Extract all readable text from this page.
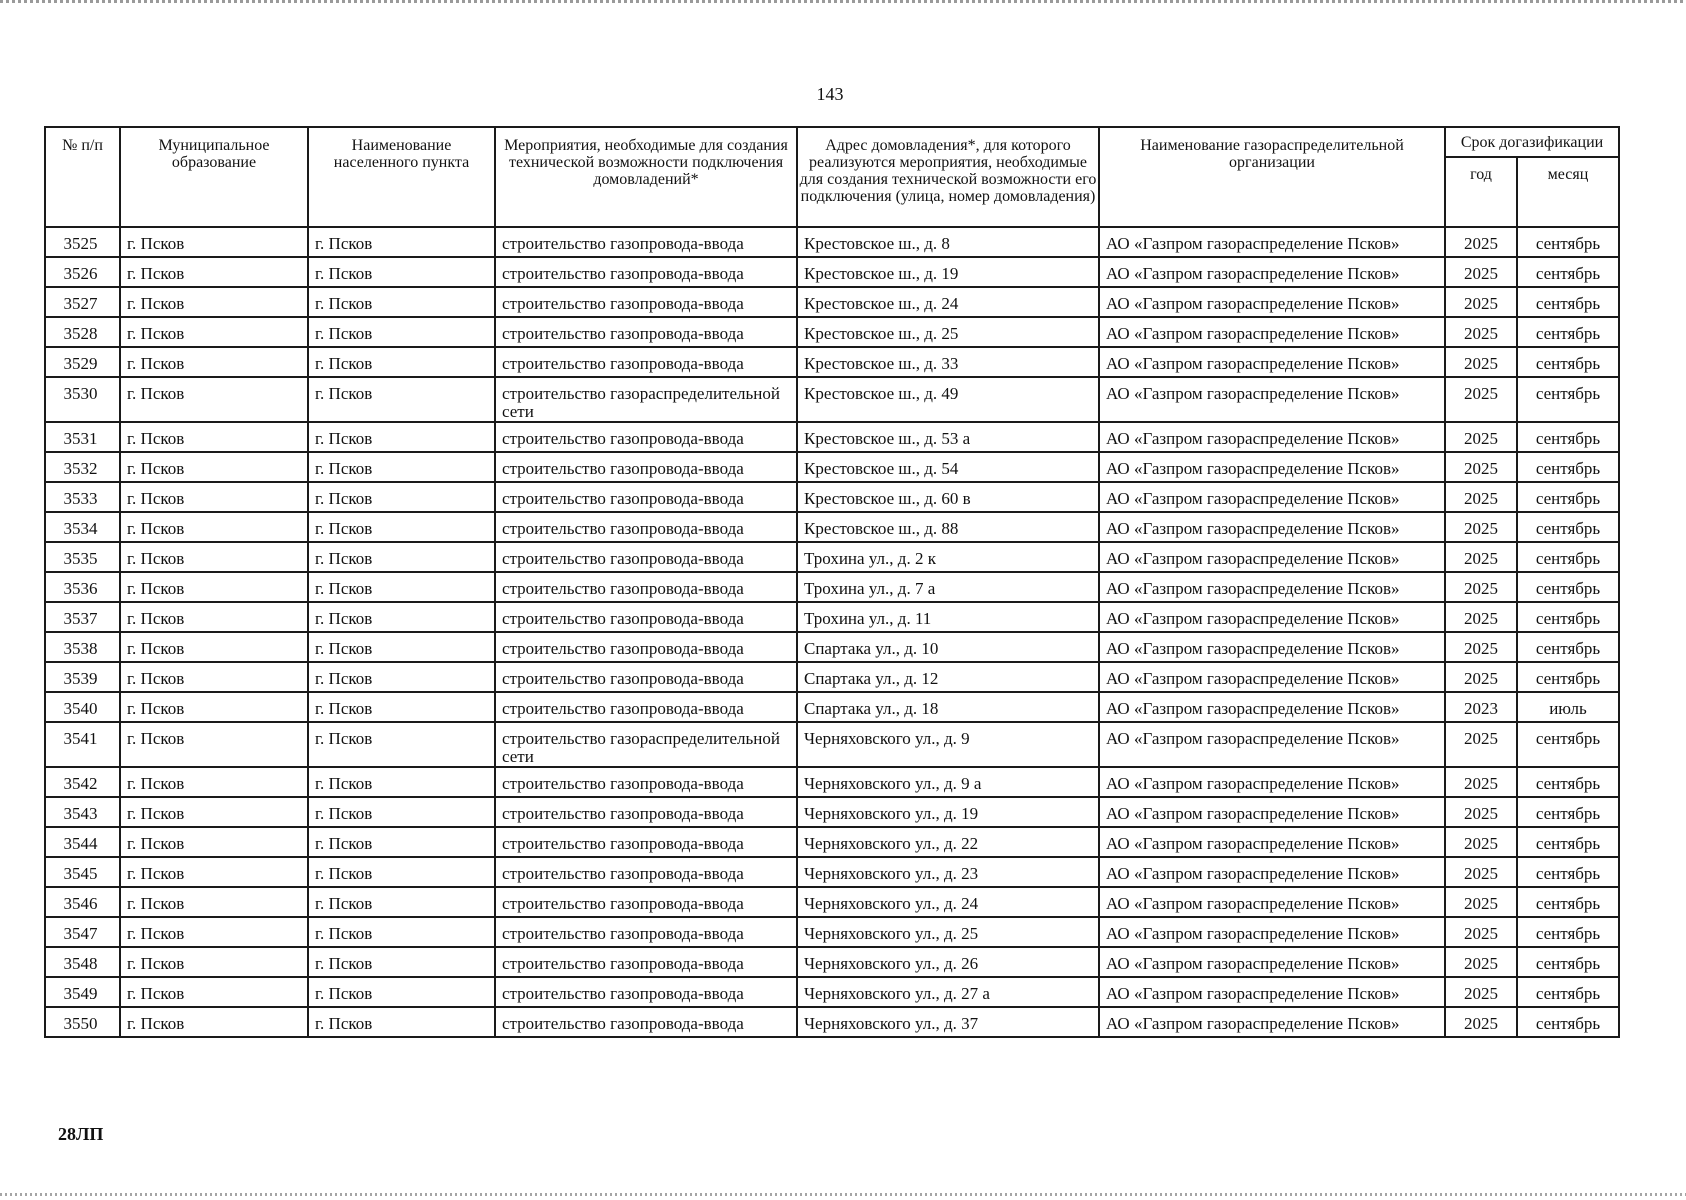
143
№ п/п	Муниципальное образование	Наименование населенного пункта	Мероприятия, необходимые для создания технической возможности подключения домовладений*	Адрес домовладения*, для которого реализуются мероприятия, необходимые для создания технической возможности его подключения (улица, номер домовладения)	Наименование газораспределительной организации	Срок догазификации	
						год	месяц
3525	г. Псков	г. Псков	строительство газопровода-ввода	Крестовское ш., д. 8	АО «Газпром газораспределение Псков»	2025	сентябрь
3526	г. Псков	г. Псков	строительство газопровода-ввода	Крестовское ш., д. 19	АО «Газпром газораспределение Псков»	2025	сентябрь
3527	г. Псков	г. Псков	строительство газопровода-ввода	Крестовское ш., д. 24	АО «Газпром газораспределение Псков»	2025	сентябрь
3528	г. Псков	г. Псков	строительство газопровода-ввода	Крестовское ш., д. 25	АО «Газпром газораспределение Псков»	2025	сентябрь
3529	г. Псков	г. Псков	строительство газопровода-ввода	Крестовское ш., д. 33	АО «Газпром газораспределение Псков»	2025	сентябрь
3530	г. Псков	г. Псков	строительство газораспределительной сети	Крестовское ш., д. 49	АО «Газпром газораспределение Псков»	2025	сентябрь
3531	г. Псков	г. Псков	строительство газопровода-ввода	Крестовское ш., д. 53 а	АО «Газпром газораспределение Псков»	2025	сентябрь
3532	г. Псков	г. Псков	строительство газопровода-ввода	Крестовское ш., д. 54	АО «Газпром газораспределение Псков»	2025	сентябрь
3533	г. Псков	г. Псков	строительство газопровода-ввода	Крестовское ш., д. 60 в	АО «Газпром газораспределение Псков»	2025	сентябрь
3534	г. Псков	г. Псков	строительство газопровода-ввода	Крестовское ш., д. 88	АО «Газпром газораспределение Псков»	2025	сентябрь
3535	г. Псков	г. Псков	строительство газопровода-ввода	Трохина ул., д. 2 к	АО «Газпром газораспределение Псков»	2025	сентябрь
3536	г. Псков	г. Псков	строительство газопровода-ввода	Трохина ул., д. 7 а	АО «Газпром газораспределение Псков»	2025	сентябрь
3537	г. Псков	г. Псков	строительство газопровода-ввода	Трохина ул., д. 11	АО «Газпром газораспределение Псков»	2025	сентябрь
3538	г. Псков	г. Псков	строительство газопровода-ввода	Спартака ул., д. 10	АО «Газпром газораспределение Псков»	2025	сентябрь
3539	г. Псков	г. Псков	строительство газопровода-ввода	Спартака ул., д. 12	АО «Газпром газораспределение Псков»	2025	сентябрь
3540	г. Псков	г. Псков	строительство газопровода-ввода	Спартака ул., д. 18	АО «Газпром газораспределение Псков»	2023	июль
3541	г. Псков	г. Псков	строительство газораспределительной сети	Черняховского ул., д. 9	АО «Газпром газораспределение Псков»	2025	сентябрь
3542	г. Псков	г. Псков	строительство газопровода-ввода	Черняховского ул., д. 9 а	АО «Газпром газораспределение Псков»	2025	сентябрь
3543	г. Псков	г. Псков	строительство газопровода-ввода	Черняховского ул., д. 19	АО «Газпром газораспределение Псков»	2025	сентябрь
3544	г. Псков	г. Псков	строительство газопровода-ввода	Черняховского ул., д. 22	АО «Газпром газораспределение Псков»	2025	сентябрь
3545	г. Псков	г. Псков	строительство газопровода-ввода	Черняховского ул., д. 23	АО «Газпром газораспределение Псков»	2025	сентябрь
3546	г. Псков	г. Псков	строительство газопровода-ввода	Черняховского ул., д. 24	АО «Газпром газораспределение Псков»	2025	сентябрь
3547	г. Псков	г. Псков	строительство газопровода-ввода	Черняховского ул., д. 25	АО «Газпром газораспределение Псков»	2025	сентябрь
3548	г. Псков	г. Псков	строительство газопровода-ввода	Черняховского ул., д. 26	АО «Газпром газораспределение Псков»	2025	сентябрь
3549	г. Псков	г. Псков	строительство газопровода-ввода	Черняховского ул., д. 27 а	АО «Газпром газораспределение Псков»	2025	сентябрь
3550	г. Псков	г. Псков	строительство газопровода-ввода	Черняховского ул., д. 37	АО «Газпром газораспределение Псков»	2025	сентябрь
28ЛП
